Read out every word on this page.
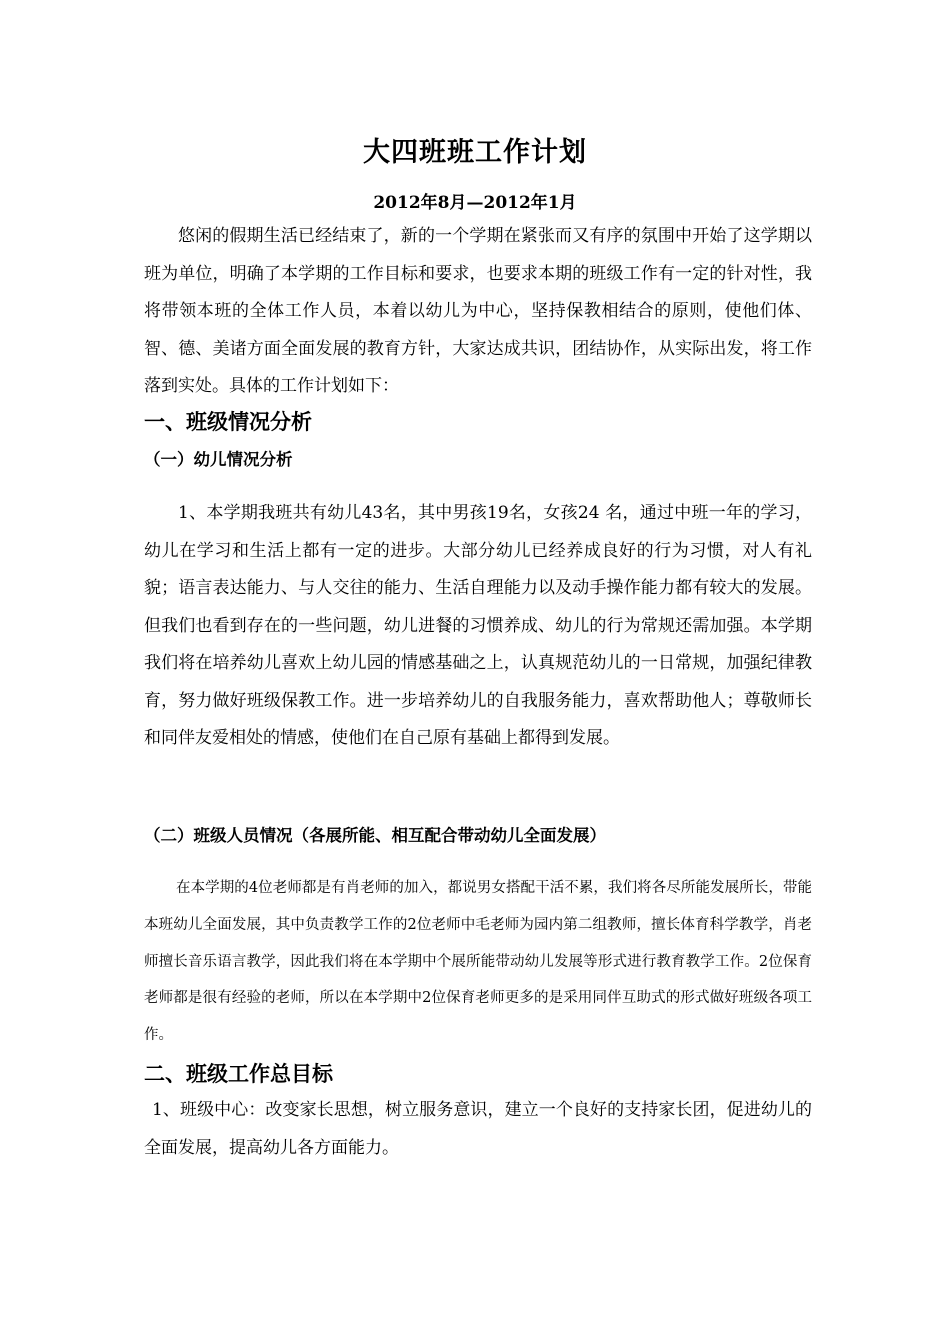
大四班班工作计划
2012年8月—2012年1月

悠闲的假期生活已经结束了，新的一个学期在紧张而又有序的氛围中开始了这学期以班为单位，明确了本学期的工作目标和要求，也要求本期的班级工作有一定的针对性，我将带领本班的全体工作人员，本着以幼儿为中心，坚持保教相结合的原则，使他们体、智、德、美诸方面全面发展的教育方针，大家达成共识，团结协作，从实际出发，将工作落到实处。具体的工作计划如下：

一、班级情况分析
（一）幼儿情况分析

1、本学期我班共有幼儿43名，其中男孩19名，女孩24 名，通过中班一年的学习，幼儿在学习和生活上都有一定的进步。大部分幼儿已经养成良好的行为习惯，对人有礼貌；语言表达能力、与人交往的能力、生活自理能力以及动手操作能力都有较大的发展。但我们也看到存在的一些问题，幼儿进餐的习惯养成、幼儿的行为常规还需加强。本学期我们将在培养幼儿喜欢上幼儿园的情感基础之上，认真规范幼儿的一日常规，加强纪律教育，努力做好班级保教工作。进一步培养幼儿的自我服务能力，喜欢帮助他人；尊敬师长和同伴友爱相处的情感，使他们在自己原有基础上都得到发展。

（二）班级人员情况（各展所能、相互配合带动幼儿全面发展）

在本学期的4位老师都是有肖老师的加入，都说男女搭配干活不累，我们将各尽所能发展所长，带能本班幼儿全面发展，其中负责教学工作的2位老师中毛老师为园内第二组教师，擅长体育科学教学，肖老师擅长音乐语言教学，因此我们将在本学期中个展所能带动幼儿发展等形式进行教育教学工作。2位保育老师都是很有经验的老师，所以在本学期中2位保育老师更多的是采用同伴互助式的形式做好班级各项工作。

二、班级工作总目标

1、班级中心：改变家长思想，树立服务意识，建立一个良好的支持家长团，促进幼儿的全面发展，提高幼儿各方面能力。
